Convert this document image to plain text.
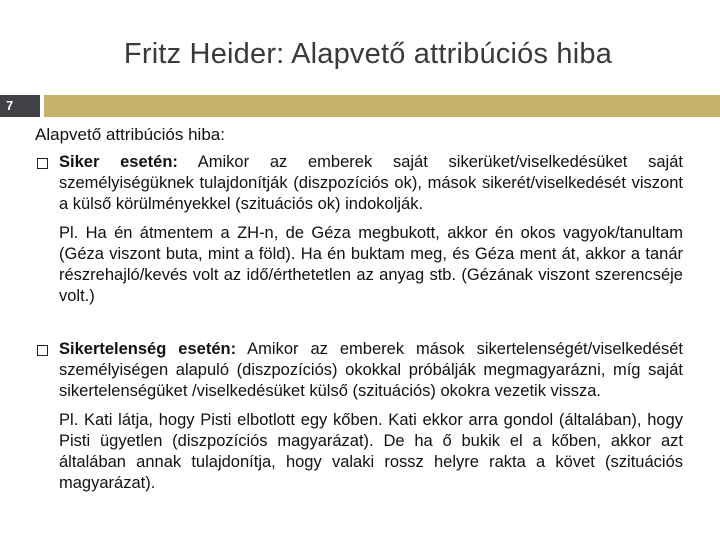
Fritz Heider: Alapvető attribúciós hiba
7
Alapvető attribúciós hiba:

Siker esetén: Amikor az emberek saját sikerüket/viselkedésüket saját személyiségüknek tulajdonítják (diszpozíciós ok), mások sikerét/viselkedését viszont a külső körülményekkel (szituációs ok) indokolják.

Pl. Ha én átmentem a ZH-n, de Géza megbukott, akkor én okos vagyok/tanultam (Géza viszont buta, mint a föld). Ha én buktam meg, és Géza ment át, akkor a tanár részrehajló/kevés volt az idő/érthetetlen az anyag stb. (Gézának viszont szerencséje volt.)

Sikertelenség esetén: Amikor az emberek mások sikertelenségét/viselkedését személyiségen alapuló (diszpozíciós) okokkal próbálják megmagyarázni, míg saját sikertelenségüket /viselkedésüket külső (szituációs) okokra vezetik vissza.

Pl. Kati látja, hogy Pisti elbotlott egy kőben. Kati ekkor arra gondol (általában), hogy Pisti ügyetlen (diszpozíciós magyarázat). De ha ő bukik el a kőben, akkor azt általában annak tulajdonítja, hogy valaki rossz helyre rakta a követ (szituációs magyarázat).
